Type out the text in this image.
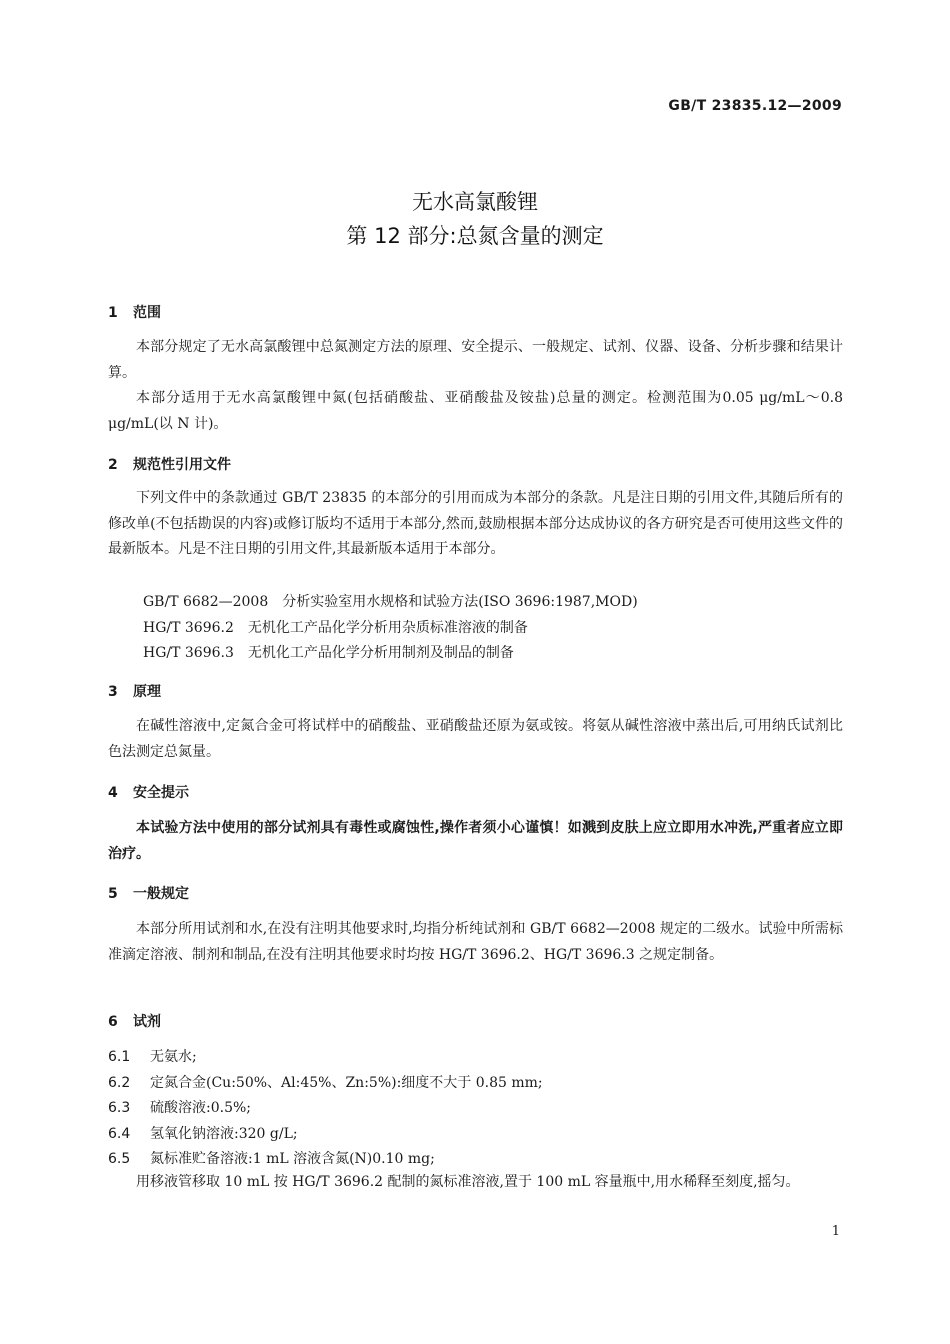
GB/T 23835.12—2009
无水高氯酸锂
第 12 部分:总氮含量的测定
1 范围

本部分规定了无水高氯酸锂中总氮测定方法的原理、安全提示、一般规定、试剂、仪器、设备、分析步骤和结果计算。

本部分适用于无水高氯酸锂中氮(包括硝酸盐、亚硝酸盐及铵盐)总量的测定。检测范围为0.05 μg/mL～0.8 μg/mL(以 N 计)。

2 规范性引用文件

下列文件中的条款通过 GB/T 23835 的本部分的引用而成为本部分的条款。凡是注日期的引用文件,其随后所有的修改单(不包括勘误的内容)或修订版均不适用于本部分,然而,鼓励根据本部分达成协议的各方研究是否可使用这些文件的最新版本。凡是不注日期的引用文件,其最新版本适用于本部分。

GB/T 6682—2008　分析实验室用水规格和试验方法(ISO 3696:1987,MOD)
HG/T 3696.2　无机化工产品化学分析用杂质标准溶液的制备
HG/T 3696.3　无机化工产品化学分析用制剂及制品的制备
3 原理

在碱性溶液中,定氮合金可将试样中的硝酸盐、亚硝酸盐还原为氨或铵。将氨从碱性溶液中蒸出后,可用纳氏试剂比色法测定总氮量。

4 安全提示

本试验方法中使用的部分试剂具有毒性或腐蚀性,操作者须小心谨慎！如溅到皮肤上应立即用水冲洗,严重者应立即治疗。

5 一般规定

本部分所用试剂和水,在没有注明其他要求时,均指分析纯试剂和 GB/T 6682—2008 规定的二级水。试验中所需标准滴定溶液、制剂和制品,在没有注明其他要求时均按 HG/T 3696.2、HG/T 3696.3 之规定制备。

6 试剂
6.1 无氨水;
6.2 定氮合金(Cu:50%、Al:45%、Zn:5%):细度不大于 0.85 mm;
6.3 硫酸溶液:0.5%;
6.4 氢氧化钠溶液:320 g/L;
6.5 氮标准贮备溶液:1 mL 溶液含氮(N)0.10 mg;

用移液管移取 10 mL 按 HG/T 3696.2 配制的氮标准溶液,置于 100 mL 容量瓶中,用水稀释至刻度,摇匀。

1
